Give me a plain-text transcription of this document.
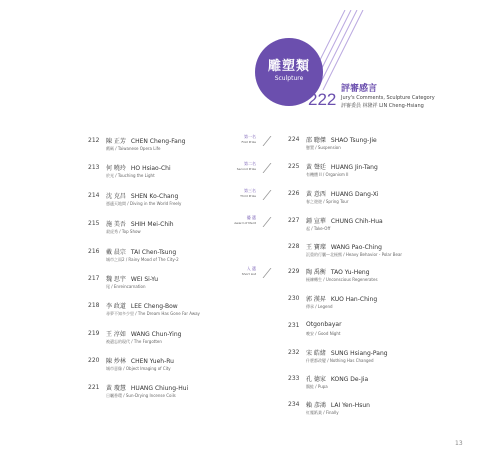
雕塑類
Sculpture
222
評審感言
Jury's Comments, Sculpture Category
評審委員 林隆祥 LIN Cheng-Hsiang
212 陳 正芳 CHEN Cheng-Fang
戲碼 / Taiwanese Opera Life
213 何 曉玲 HO Hsiao-Chi
於光 / Touching the Light
214 沈 克昌 SHEN Ko-Chang
憑適天地間 / Diving in the World Freely
215 施 美吾 SHIH Mei-Chih
殺虎秀 / Top Show
216 戴 晨宗 TAI Chen-Tsung
城市之雨2 / Rainy Mood of The City-2
217 魏 思宇 WEI Si-Yu
尾 / Enreincarnation
218 李 政道 LEE Cheng-Bow
尋夢不知多少里 / The Dream Has Gone Far Away
219 王 淳如 WANG Chun-Ying
被遺忘的現代 / The Forgotten
220 陳 炒林 CHEN Yueh-Ru
城市意像 / Object Imaging of City
221 黃 瓊慧 HUANG Chiung-Hui
日曬香環 / Sun-Drying Incense Coils
第一名
First Prize
第二名
Second Prize
第三名
Third Prize
優 選
Award of Merit
入 選
Short List
224 邵 聰傑 SHAO Tsung-Jie
懸置 / Suspension
225 黃 聲廷 HUANG Jin-Tang
有機體 II / Organism II
226 黃 意西 HUANG Dang-Xi
春之遊遊 / Spring Tour
227 鍾 宣華 CHUNG Chih-Hua
起 / Take-Off
228 王 寶璨 WANG Pao-Ching
沉重的行囊—北極熊 / Heavy Behavior - Polar Bear
229 陶 禹衡 TAO Yu-Heng
極練轉生 / Unconscious Regenerates
230 郭 漢昇 KUO Han-Ching
傳承 / Legend
231 Otgonbayar
晚安 / Good Night
232 宋 皓緒 SUNG Hsiang-Pang
什麼都改變 / Nothing Has Changed
233 孔 德家 KONG De-Jia
鵝蛙 / Pupa
234 賴 彥鴻 LAI Yen-Hsun
紅塵紙業 / Finally
13
